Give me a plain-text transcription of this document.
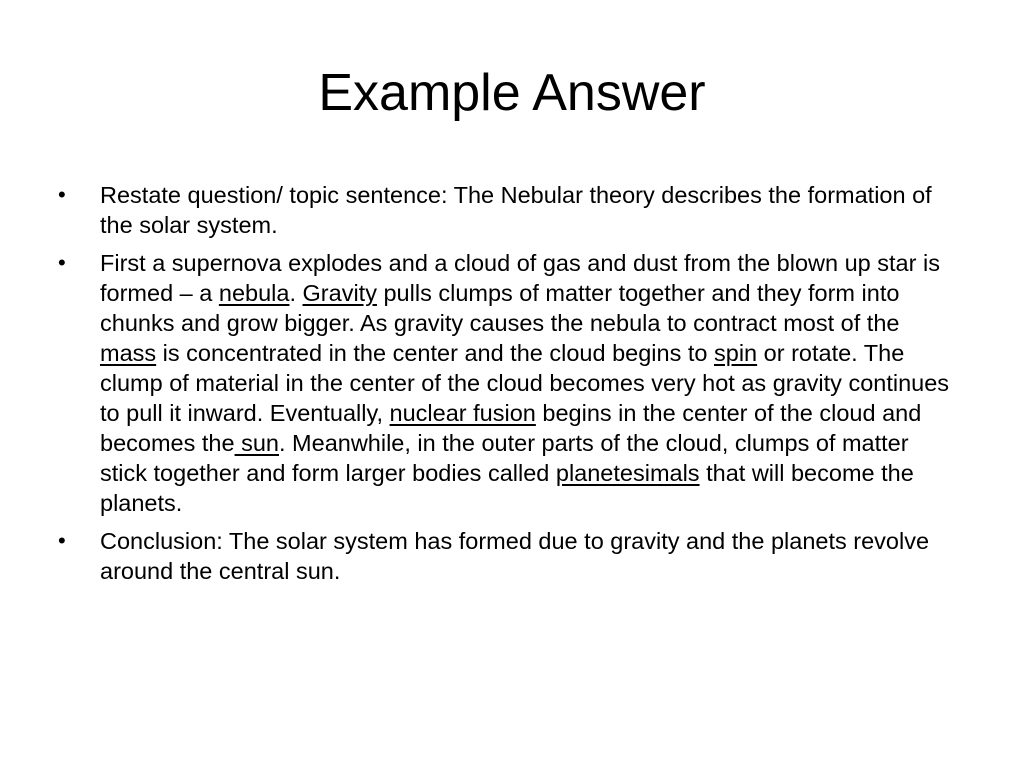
Example Answer
• Restate question/ topic sentence: The Nebular theory describes the formation of the solar system.
• First a supernova explodes and a cloud of gas and dust from the blown up star is formed – a nebula. Gravity pulls clumps of matter together and they form into chunks and grow bigger. As gravity causes the nebula to contract most of the mass is concentrated in the center and the cloud begins to spin or rotate. The clump of material in the center of the cloud becomes very hot as gravity continues to pull it inward. Eventually, nuclear fusion begins in the center of the cloud and becomes the sun. Meanwhile, in the outer parts of the cloud, clumps of matter stick together and form larger bodies called planetesimals that will become the planets.
• Conclusion: The solar system has formed due to gravity and the planets revolve around the central sun.
